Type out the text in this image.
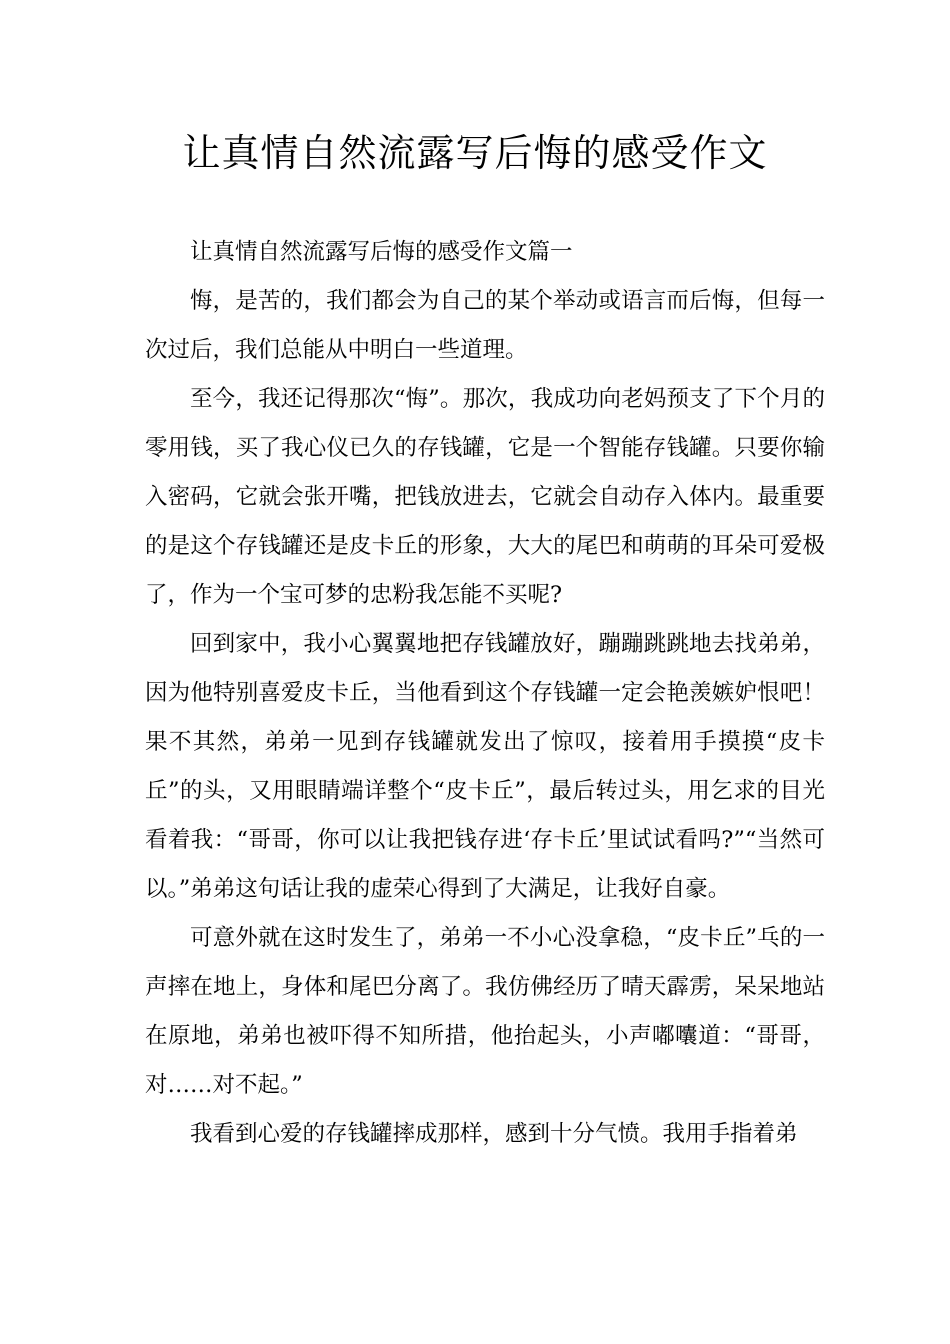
让真情自然流露写后悔的感受作文

让真情自然流露写后悔的感受作文篇一

悔，是苦的，我们都会为自己的某个举动或语言而后悔，但每一次过后，我们总能从中明白一些道理。

至今，我还记得那次“悔”。那次，我成功向老妈预支了下个月的零用钱，买了我心仪已久的存钱罐，它是一个智能存钱罐。只要你输入密码，它就会张开嘴，把钱放进去，它就会自动存入体内。最重要的是这个存钱罐还是皮卡丘的形象，大大的尾巴和萌萌的耳朵可爱极了，作为一个宝可梦的忠粉我怎能不买呢?

回到家中，我小心翼翼地把存钱罐放好，蹦蹦跳跳地去找弟弟，因为他特别喜爱皮卡丘，当他看到这个存钱罐一定会艳羡嫉妒恨吧！果不其然，弟弟一见到存钱罐就发出了惊叹，接着用手摸摸“皮卡丘”的头，又用眼睛端详整个“皮卡丘”，最后转过头，用乞求的目光看着我：“哥哥，你可以让我把钱存进‘存卡丘’里试试看吗?”“当然可以。”弟弟这句话让我的虚荣心得到了大满足，让我好自豪。

可意外就在这时发生了，弟弟一不小心没拿稳，“皮卡丘”乓的一声摔在地上，身体和尾巴分离了。我仿佛经历了晴天霹雳，呆呆地站在原地，弟弟也被吓得不知所措，他抬起头，小声嘟囔道：“哥哥，对……对不起。”

我看到心爱的存钱罐摔成那样，感到十分气愤。我用手指着弟
